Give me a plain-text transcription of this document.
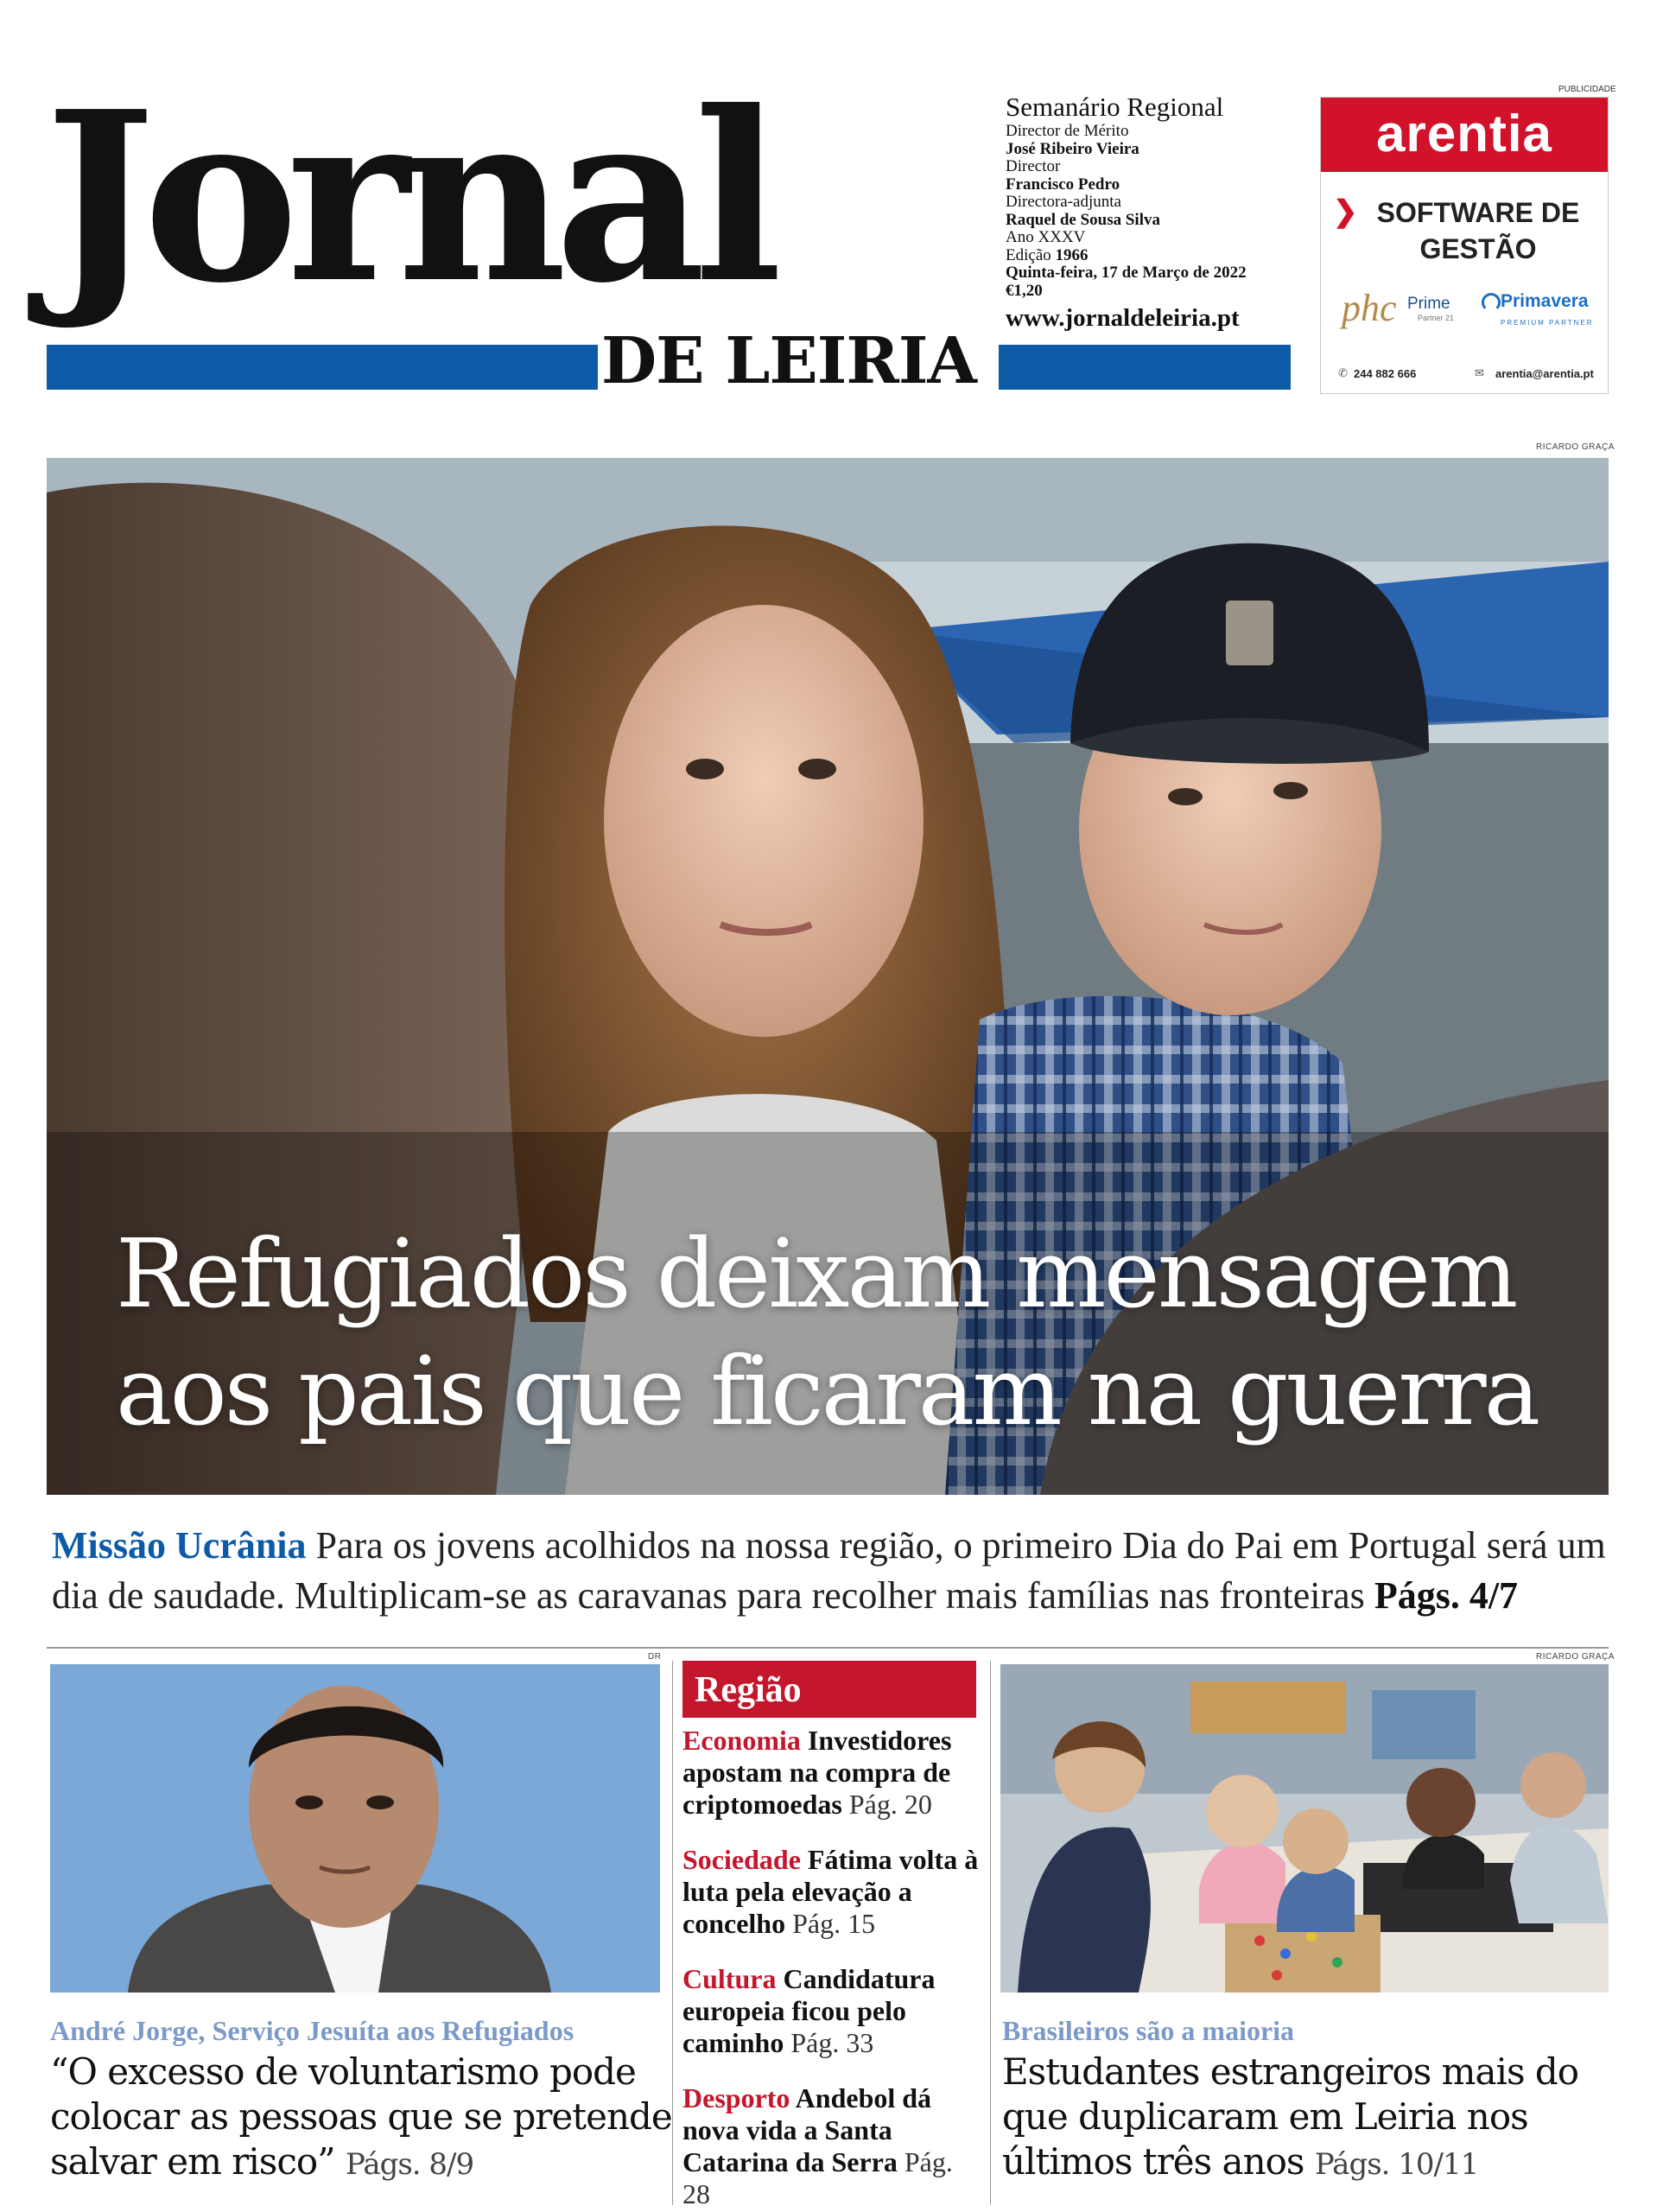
Jornal
DE LEIRIA
Semanário Regional
Director de Mérito
José Ribeiro Vieira
Director
Francisco Pedro
Directora-adjunta
Raquel de Sousa Silva
Ano XXXV
Edição 1966
Quinta-feira, 17 de Março de 2022
€1,20
www.jornaldeleiria.pt
PUBLICIDADE
arentia
❯ SOFTWARE DE GESTÃO
phc Prime
Partner 21
Primavera
PREMIUM PARTNER
✆ 244 882 666	✉ arentia@arentia.pt
RICARDO GRAÇA
Refugiados deixam mensagem
aos pais que ficaram na guerra
Missão Ucrânia Para os jovens acolhidos na nossa região, o primeiro Dia do Pai em Portugal será um dia de saudade. Multiplicam-se as caravanas para recolher mais famílias nas fronteiras Págs. 4/7
DR
André Jorge, Serviço Jesuíta aos Refugiados
“O excesso de voluntarismo pode colocar as pessoas que se pretende salvar em risco” Págs. 8/9
Região
Economia Investidores apostam na compra de criptomoedas Pág. 20
Sociedade Fátima volta à luta pela elevação a concelho Pág. 15
Cultura Candidatura europeia ficou pelo caminho Pág. 33
Desporto Andebol dá nova vida a Santa Catarina da Serra Pág. 28
RICARDO GRAÇA
Brasileiros são a maioria
Estudantes estrangeiros mais do que duplicaram em Leiria nos últimos três anos Págs. 10/11
